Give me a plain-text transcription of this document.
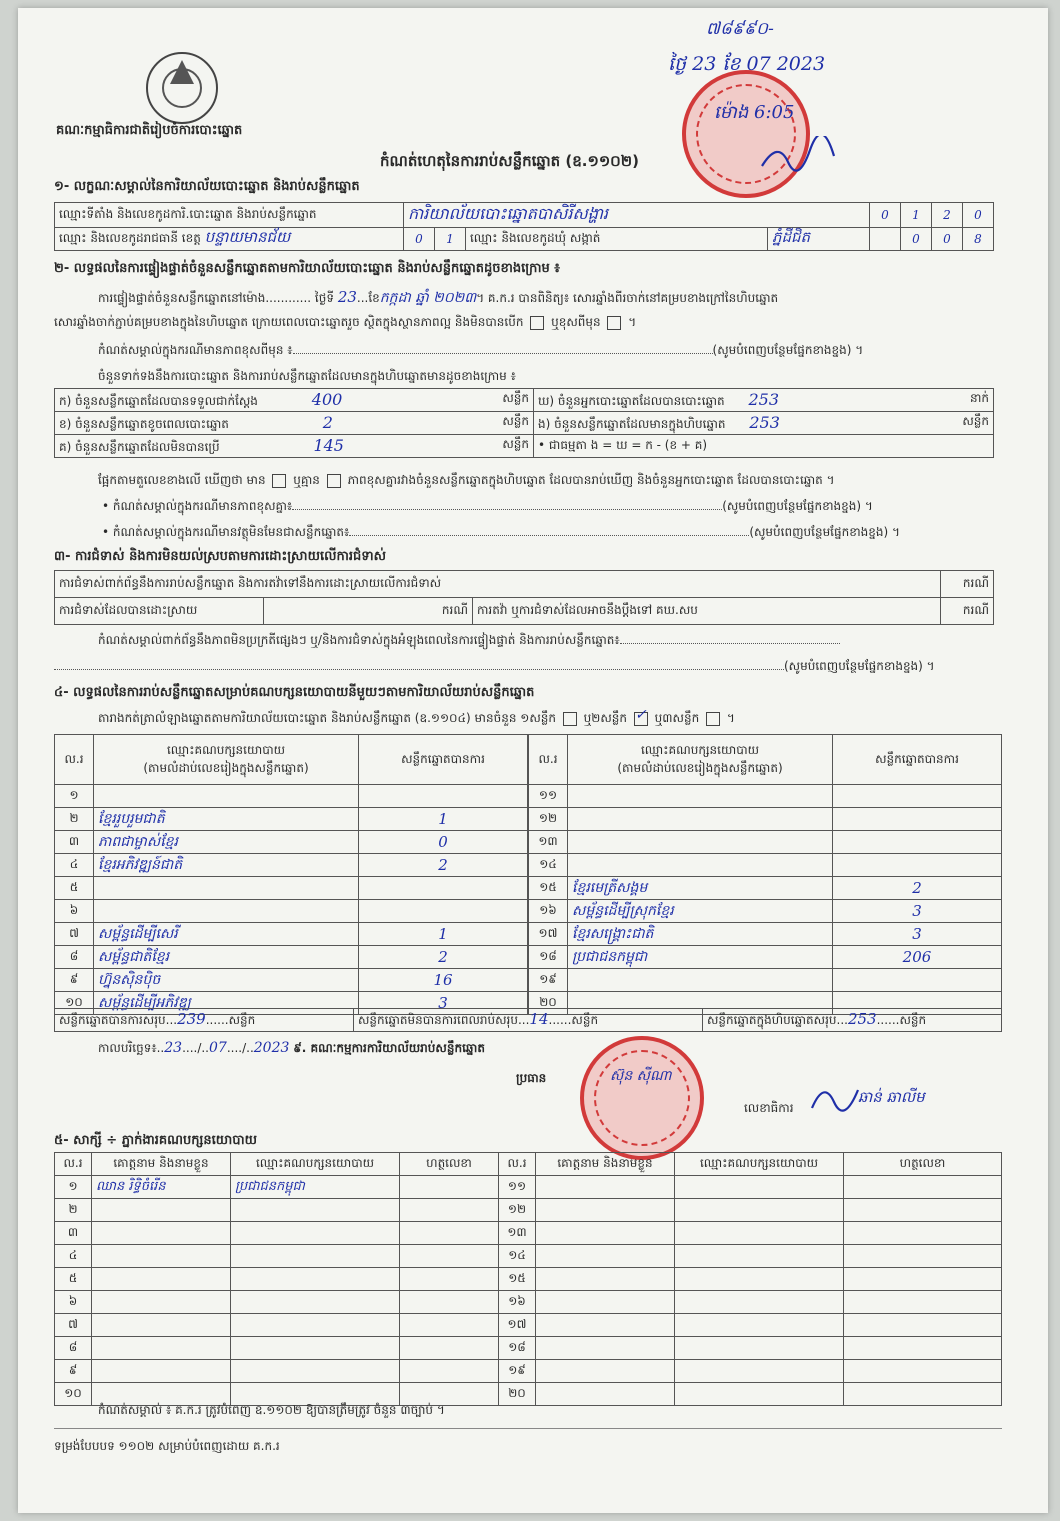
៧៨៩៩០-
ថ្ងៃ 23 ខែ 07 2023
ម៉ោង 6:05
គណៈកម្មាធិការជាតិរៀបចំការបោះឆ្នោត
កំណត់ហេតុនៃការរាប់សន្លឹកឆ្នោត (ឧ.១១០២)
១- លក្ខណៈសម្គាល់នៃការិយាល័យបោះឆ្នោត និងរាប់សន្លឹកឆ្នោត
ឈ្មោះទីតាំង និងលេខកូដការិ.បោះឆ្នោត និងរាប់សន្លឹកឆ្នោត	ការិយាល័យបោះឆ្នោតបាសិរីសង្ហារ				0	1	2	0
ឈ្មោះ និងលេខកូដរាជធានី ខេត្ត បន្ទាយមានជ័យ	0	1	ឈ្មោះ និងលេខកូដឃុំ សង្កាត់	ភ្នំដីជិត		0	0	8
២- លទ្ធផលនៃការផ្ទៀងផ្ទាត់ចំនួនសន្លឹកឆ្នោតតាមការិយាល័យបោះឆ្នោត និងរាប់សន្លឹកឆ្នោតដូចខាងក្រោម ៖
ការផ្ទៀងផ្ទាត់ចំនួនសន្លឹកឆ្នោតនៅម៉ោង............ ថ្ងៃទី 23...ខែកក្កដា ឆ្នាំ ២០២៣។ គ.ក.រ បានពិនិត្យ៖ សោរឆ្នាំងពីរចាក់នៅគម្របខាងក្រៅនៃហិបឆ្នោត
សោរឆ្នាំងចាក់ភ្ជាប់គម្របខាងក្នុងនៃហិបឆ្នោត ក្រោយពេលបោះឆ្នោតរួច ស្ថិតក្នុងស្ថានភាពល្អ និងមិនបានបើក ឬខុសពីមុន  ។
កំណត់សម្គាល់ក្នុងករណីមានភាពខុសពីមុន ៖	(សូមបំពេញបន្ថែមផ្នែកខាងខ្នង) ។
ចំនួនទាក់ទងនឹងការបោះឆ្នោត និងការរាប់សន្លឹកឆ្នោតដែលមានក្នុងហិបឆ្នោតមានដូចខាងក្រោម ៖
ក) ចំនួនសន្លឹកឆ្នោតដែលបានទទួលជាក់ស្តែង 400 សន្លឹក	ឃ) ចំនួនអ្នកបោះឆ្នោតដែលបានបោះឆ្នោត 253 នាក់

ខ) ចំនួនសន្លឹកឆ្នោតខូចពេលបោះឆ្នោត 2 សន្លឹក	ង) ចំនួនសន្លឹកឆ្នោតដែលមានក្នុងហិបឆ្នោត 253 សន្លឹក

គ) ចំនួនសន្លឹកឆ្នោតដែលមិនបានប្រើ 145 សន្លឹក	• ជាធម្មតា ង = ឃ = ក - (ខ + គ)
ផ្អែកតាមតួលេខខាងលើ ឃើញថា មាន ឬគ្មាន ភាពខុសគ្នារវាងចំនួនសន្លឹកឆ្នោតក្នុងហិបឆ្នោត ដែលបានរាប់ឃើញ និងចំនួនអ្នកបោះឆ្នោត ដែលបានបោះឆ្នោត ។
• កំណត់សម្គាល់ក្នុងករណីមានភាពខុសគ្នា៖	(សូមបំពេញបន្ថែមផ្នែកខាងខ្នង) ។
• កំណត់សម្គាល់ក្នុងករណីមានវត្ថុមិនមែនជាសន្លឹកឆ្នោត៖	(សូមបំពេញបន្ថែមផ្នែកខាងខ្នង) ។
៣- ការជំទាស់ និងការមិនយល់ស្របតាមការដោះស្រាយលើការជំទាស់
ការជំទាស់ពាក់ព័ន្ធនឹងការរាប់សន្លឹកឆ្នោត និងការតវ៉ាទៅនឹងការដោះស្រាយលើការជំទាស់			ករណី
ការជំទាស់ដែលបានដោះស្រាយ	ករណី	ការតវ៉ា ឬការជំទាស់ដែលអាចនឹងប្តឹងទៅ គឃ.សប	ករណី
កំណត់សម្គាល់ពាក់ព័ន្ធនឹងភាពមិនប្រក្រតីផ្សេងៗ ឬ/និងការជំទាស់ក្នុងអំឡុងពេលនៃការផ្ទៀងផ្ទាត់ និងការរាប់សន្លឹកឆ្នោត៖
(សូមបំពេញបន្ថែមផ្នែកខាងខ្នង) ។
៤- លទ្ធផលនៃការរាប់សន្លឹកឆ្នោតសម្រាប់គណបក្សនយោបាយនីមួយៗតាមការិយាល័យរាប់សន្លឹកឆ្នោត
តារាងកត់ត្រាលំឡាងឆ្នោតតាមការិយាល័យបោះឆ្នោត និងរាប់សន្លឹកឆ្នោត (ឧ.១១០៤) មានចំនួន ១សន្លឹក ឬ២សន្លឹក ✓ ឬ៣សន្លឹក  ។
ល.រ	ឈ្មោះគណបក្សនយោបាយ
(តាមលំដាប់លេខរៀងក្នុងសន្លឹកឆ្នោត)	សន្លឹកឆ្នោតបានការ
១		
២	ខ្មែររួបរួមជាតិ	1
៣	ភាពជាម្ចាស់ខ្មែរ	0
៤	ខ្មែរអភិវឌ្ឍន៍ជាតិ	2
៥		
៦		
៧	សម្ព័ន្ធដើម្បីសេរី	1
៨	សម្ព័ន្ធជាតិខ្មែរ	2
៩	ហ្វ៊ុនស៊ិនប៉ិច	16
១០	សម្ព័ន្ធដើម្បីអភិវឌ្ឍ	3
ល.រ	ឈ្មោះគណបក្សនយោបាយ
(តាមលំដាប់លេខរៀងក្នុងសន្លឹកឆ្នោត)	សន្លឹកឆ្នោតបានការ
១១		
១២		
១៣		
១៤		
១៥	ខ្មែរមេត្រីសង្គម	2
១៦	សម្ព័ន្ធដើម្បីស្រុកខ្មែរ	3
១៧	ខ្មែរសង្គ្រោះជាតិ	3
១៨	ប្រជាជនកម្ពុជា	206
១៩		
២០		
សន្លឹកឆ្នោតបានការសរុប...239......សន្លឹក	សន្លឹកឆ្នោតមិនបានការពេលរាប់សរុប...14......សន្លឹក	សន្លឹកឆ្នោតក្នុងហិបឆ្នោតសរុប...253......សន្លឹក
កាលបរិច្ឆេទ៖..23..../..07..../..2023 ៩. គណៈកម្មការការិយាល័យរាប់សន្លឹកឆ្នោត
ប្រធាន	ស៊ុន ស៊ីណា
លេខាធិការ
ឆាន់ ឆាលីម
៥- សាក្សី ÷ ភ្នាក់ងារគណបក្សនយោបាយ
ល.រ	គោត្តនាម និងនាមខ្លួន	ឈ្មោះគណបក្សនយោបាយ	ហត្ថលេខា	ល.រ	គោត្តនាម និងនាមខ្លួន	ឈ្មោះគណបក្សនយោបាយ	ហត្ថលេខា
១	ឈាន រិទ្ធិចំរើន	ប្រជាជនកម្ពុជា		១១			
២				១២			
៣				១៣			
៤				១៤			
៥				១៥			
៦				១៦			
៧				១៧			
៨				១៨			
៩				១៩			
១០				២០			
កំណត់សម្គាល់ ៖ គ.ក.រ ត្រូវបំពេញ ឧ.១១០២ ឱ្យបានត្រឹមត្រូវ ចំនួន ៣ច្បាប់ ។
ទម្រង់បែបបទ ១១០២ សម្រាប់បំពេញដោយ គ.ក.រ
